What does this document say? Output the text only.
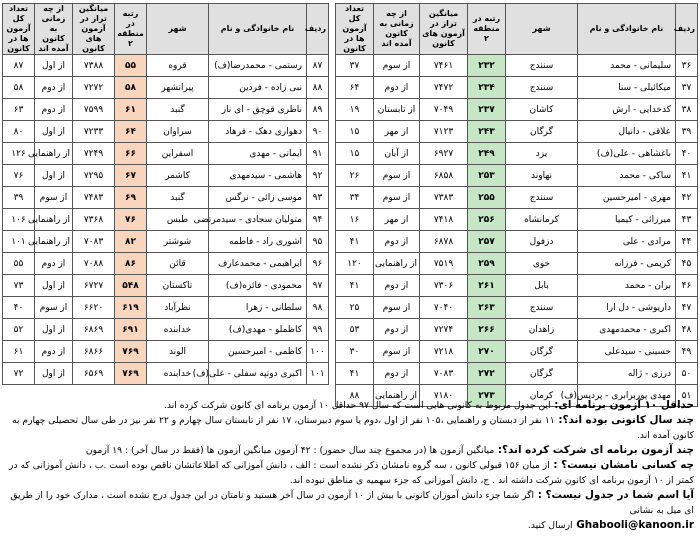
ردیف	نام خانوادگی و نام	شهر	رتبه در منطقه ۲	میانگین تراز در آزمون های کانون	از چه زمانی به کانون آمده اند	تعداد کل آزمون ها در کانون
۳۶	سلیمانی - محمد	سنندج	۲۳۲	۷۴۶۱	از سوم	۳۷
۳۷	میکائیلی - سنا	سنندج	۲۳۴	۷۴۷۲	از دوم	۶۴
۳۸	کدخدایی - ارش	کاشان	۲۳۷	۷۰۴۹	از تابستان	۱۹
۳۹	علاقی - دانیال	گرگان	۲۴۳	۷۱۲۳	از مهر	۱۵
۴۰	باغشاهی - علی(ف)	یزد	۲۴۹	۶۹۲۷	از آبان	۱۵
۴۱	ساکی - محمد	نهاوند	۲۵۳	۶۸۵۸	از سوم	۲۶
۴۲	مهری - امیرحسین	سنندج	۲۵۵	۷۳۸۳	از سوم	۳۴
۴۳	میرزائی - کیمیا	کرمانشاه	۲۵۶	۷۴۱۸	از مهر	۱۶
۴۴	مرادی - علی	دزفول	۲۵۷	۶۸۷۸	از دوم	۴۱
۴۵	کریمی - فرزانه	خوی	۲۵۹	۷۵۱۹	از راهنمایی	۱۲۰
۴۶	بران - محمد	بابل	۲۶۱	۷۳۰۶	از دوم	۴۱
۴۷	داریوشی - دل ارا	سنندج	۲۶۳	۷۰۴۰	از سوم	۲۵
۴۸	اکبری - محمدمهدی	زاهدان	۲۶۶	۷۲۷۴	از دوم	۵۳
۴۹	حسینی - سیدعلی	گرگان	۲۷۰	۷۲۱۸	از سوم	۳۰
۵۰	درزی - ژاله	گرگان	۲۷۲	۷۰۸۳	از دوم	۴۱
۵۱	مهدی پوربرابری - پردیس(ف)	کرمان	۲۷۳	۷۱۸۰	از راهنمایی	۸۸
ردیف	نام خانوادگی و نام	شهر	رتبه در منطقه ۲	میانگین تراز در آزمون های کانون	از چه زمانی به کانون آمده اند	تعداد کل آزمون ها در کانون
۸۷	رستمی - محمدرضا(ف)	قروه	۵۵	۷۳۸۸	از اول	۸۷
۸۸	نبی زاده - فردین	پیرانشهر	۵۸	۷۲۷۲	از دوم	۵۸
۸۹	ناظری قوچق - ای ناز	گنبد	۶۱	۷۵۹۹	از دوم	۶۳
۹۰	دهواری دهک - فرهاد	سراوان	۶۴	۷۲۳۳	از اول	۸۰
۹۱	ایمانی - مهدی	اسفراین	۶۶	۷۲۴۹	از راهنمایی	۱۲۶
۹۲	هاشمی - سیدمهدی	کاشمر	۶۷	۷۲۹۵	از اول	۷۶
۹۳	موسی زائی - نرگس	گنبد	۶۹	۷۴۸۳	از سوم	۳۹
۹۴	متولیان سجادی - سیدمرتضی	طبس	۷۶	۷۳۶۸	از راهنمایی	۱۰۶
۹۵	اشوری راد - فاطمه	شوشتر	۸۲	۷۰۸۳	از راهنمایی	۱۰۱
۹۶	ابراهیمی - محمدعارف	قائن	۸۶	۷۰۸۸	از دوم	۵۵
۹۷	محمودی - فائزه(ف)	تاکستان	۵۴۸	۶۷۲۷	از اول	۷۳
۹۸	سلطانی - زهرا	نظرآباد	۶۱۹	۶۶۲۰	از سوم	۴۰
۹۹	کاظملو - مهدی(ف)	خدابنده	۶۹۱	۶۸۶۹	از اول	۵۲
۱۰۰	کاظمی - امیرحسین	الوند	۷۶۹	۶۸۶۶	از دوم	۶۱
۱۰۱	اکبری دوتپه سفلی - علی(ف)	خدابنده	۷۶۹	۶۵۶۹	از اول	۷۲

حداقل ۱۰ آزمون برنامه ای: این جدول مربوط به کانونی هایی است که سال ۹۷ حداقل ۱۰ آزمون برنامه ای کانون شرکت کرده اند.

چند سال کانونی بوده اند؟: ۱۱ نفر از دبستان و راهنمایی ،۱۰۵ نفر از اول ،دوم یا سوم دبیرستان، ۱۷ نفر از تابستان سال چهارم و ۲۲ نفر نیز در طی سال تحصیلی چهارم به کانون آمده اند.

چند آزمون برنامه ای شرکت کرده اند؟: میانگین آزمون ها (در مجموع چند سال حضور) : ۴۲ آزمون میانگین آزمون ها (فقط در سال آخر) : ۱۹ آزمون

چه کسانی نامشان نیست؟ : از میان ۱۵۶ قبولی کانون ، سه گروه نامشان ذکر نشده است : الف ، دانش آموزانی که اطلاعاتشان ناقص بوده است .ب ، دانش آموزانی که در کمتر از ۱۰ آزمون برنامه ای کانون شرکت داشته اند . ج، دانش آموزانی که جزء سهمیه ی مناطق نبوده اند.

آیا اسم شما در جدول نیست؟ : اگر شما جزء دانش آموزان کانونی با بیش از ۱۰ آزمون در سال آخر هستید و نامتان در این جدول درج نشده است ، مدارک خود را از طریق ای میل به نشانی

Ghabooli@kanoon.ir ارسال کنید.
